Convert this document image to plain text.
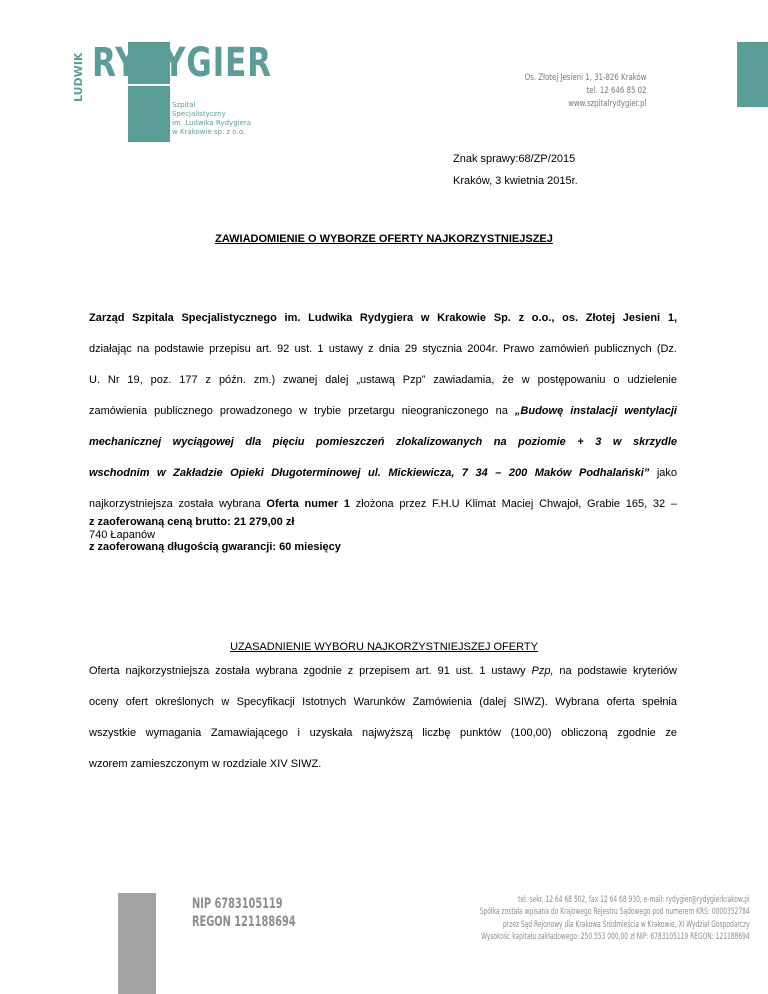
LUDWIK RYDYGIER
Szpital
Specjalistyczny
im. Ludwika Rydygiera
w Krakowie sp. z o.o.
Os. Złotej Jesieni 1, 31-826 Kraków
tel. 12 646 85 02
www.szpitalrydygier.pl
Znak sprawy:68/ZP/2015
Kraków, 3 kwietnia 2015r.
ZAWIADOMIENIE O WYBORZE OFERTY NAJKORZYSTNIEJSZEJ
Zarząd Szpitala Specjalistycznego im. Ludwika Rydygiera w Krakowie Sp. z o.o., os. Złotej Jesieni 1,
działając na podstawie przepisu art. 92 ust. 1 ustawy z dnia 29 stycznia 2004r. Prawo zamówień publicznych (Dz.
U. Nr 19, poz. 177 z późn. zm.) zwanej dalej „ustawą Pzp” zawiadamia, że w postępowaniu o udzielenie
zamówienia publicznego prowadzonego w trybie przetargu nieograniczonego na „Budowę instalacji wentylacji
mechanicznej wyciągowej dla pięciu pomieszczeń zlokalizowanych na poziomie + 3 w skrzydle
wschodnim w Zakładzie Opieki Długoterminowej ul. Mickiewicza, 7 34 – 200 Maków Podhalański” jako
najkorzystniejsza została wybrana Oferta numer 1 złożona przez F.H.U Klimat Maciej Chwajoł, Grabie 165, 32 –
740 Łapanów
z zaoferowaną ceną brutto: 21 279,00 zł
z zaoferowaną długością gwarancji: 60 miesięcy
UZASADNIENIE WYBORU NAJKORZYSTNIEJSZEJ OFERTY
Oferta najkorzystniejsza została wybrana zgodnie z przepisem art. 91 ust. 1 ustawy Pzp, na podstawie kryteriów
oceny ofert określonych w Specyfikacji Istotnych Warunków Zamówienia (dalej SIWZ). Wybrana oferta spełnia
wszystkie wymagania Zamawiającego i uzyskała najwyższą liczbę punktów (100,00) obliczoną zgodnie ze
wzorem zamieszczonym w rozdziale XIV SIWZ.
NIP 6783105119
REGON 121188694
tel. sekr. 12 64 68 502, fax 12 64 68 930, e-mail: rydygier@rydygierkrakow.pl
Spółka została wpisana do Krajowego Rejestru Sądowego pod numerem KRS: 0000352784
przez Sąd Rejonowy dla Krakowa Śródmieścia w Krakowie, XI Wydział Gospodarczy
Wysokość kapitału zakładowego: 250 553 000,00 zł NIP: 6783105119 REGON: 121188694
